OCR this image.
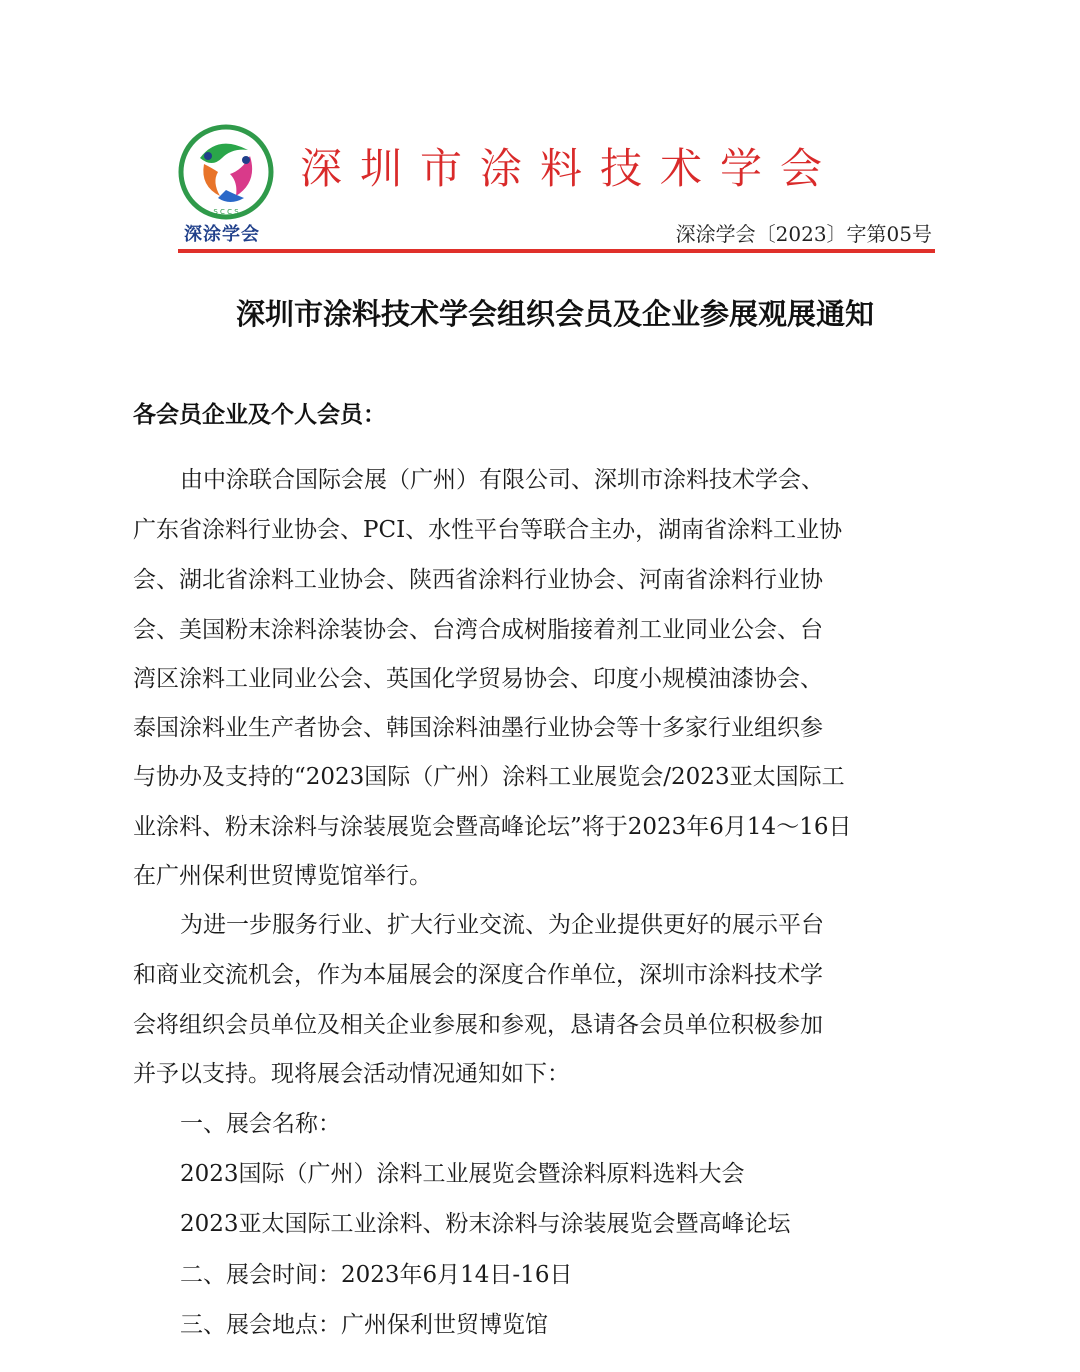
S C C S
深涂学会
深圳市涂料技术学会
深涂学会〔2023〕字第05号
深圳市涂料技术学会组织会员及企业参展观展通知
各会员企业及个人会员：
由中涂联合国际会展（广州）有限公司、深圳市涂料技术学会、
广东省涂料行业协会、PCI、水性平台等联合主办，湖南省涂料工业协
会、湖北省涂料工业协会、陕西省涂料行业协会、河南省涂料行业协
会、美国粉末涂料涂装协会、台湾合成树脂接着剂工业同业公会、台
湾区涂料工业同业公会、英国化学贸易协会、印度小规模油漆协会、
泰国涂料业生产者协会、韩国涂料油墨行业协会等十多家行业组织参
与协办及支持的“2023国际（广州）涂料工业展览会/2023亚太国际工
业涂料、粉末涂料与涂装展览会暨高峰论坛”将于2023年6月14～16日
在广州保利世贸博览馆举行。
为进一步服务行业、扩大行业交流、为企业提供更好的展示平台
和商业交流机会，作为本届展会的深度合作单位，深圳市涂料技术学
会将组织会员单位及相关企业参展和参观，恳请各会员单位积极参加
并予以支持。现将展会活动情况通知如下：
一、展会名称：
2023国际（广州）涂料工业展览会暨涂料原料选料大会
2023亚太国际工业涂料、粉末涂料与涂装展览会暨高峰论坛
二、展会时间：2023年6月14日-16日
三、展会地点：广州保利世贸博览馆
